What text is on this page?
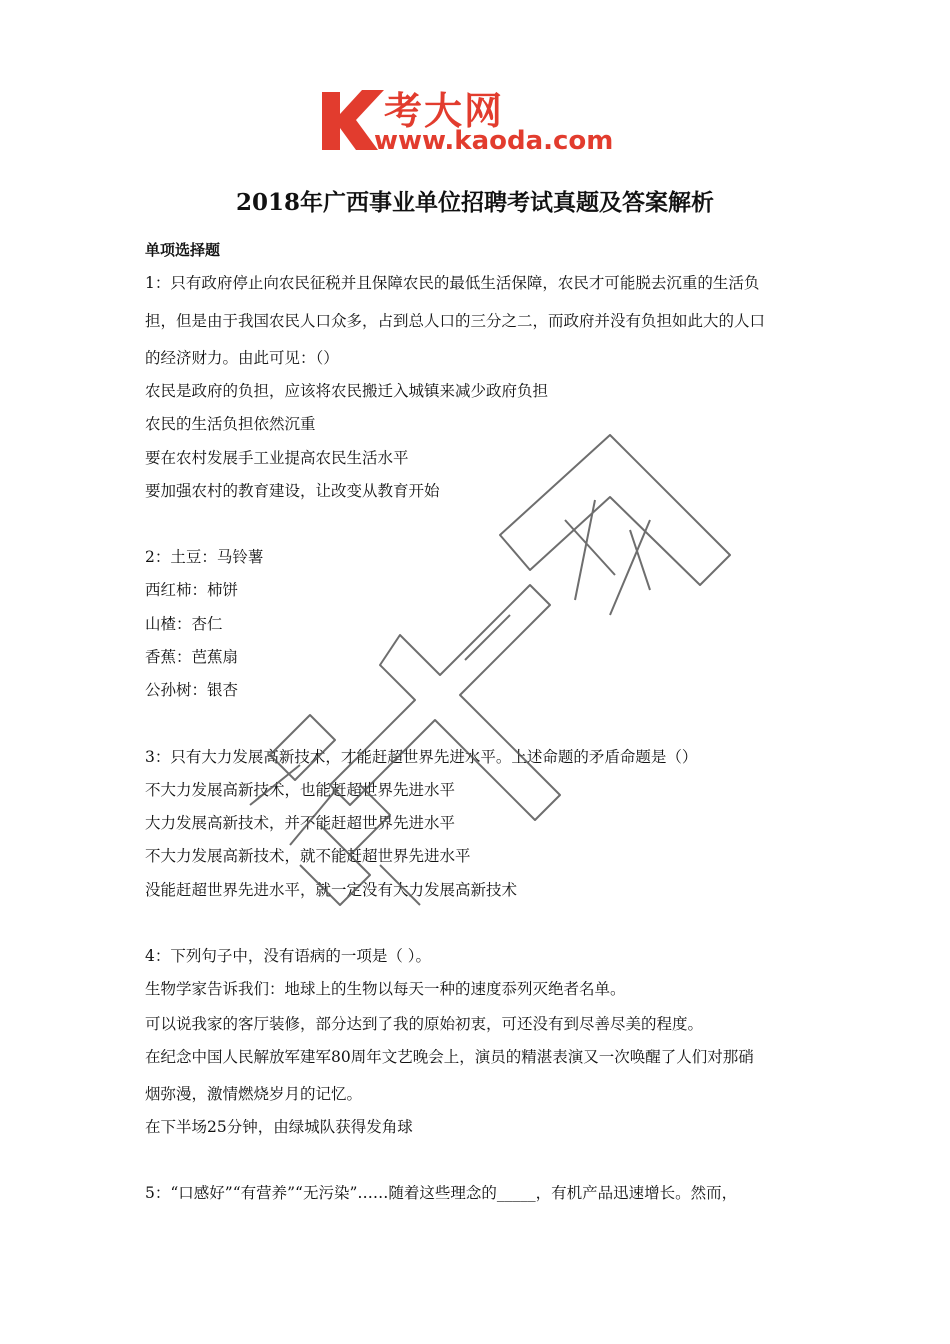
考大网
www.kaoda.com
2018年广西事业单位招聘考试真题及答案解析
单项选择题
1：只有政府停止向农民征税并且保障农民的最低生活保障，农民才可能脱去沉重的生活负
担，但是由于我国农民人口众多，占到总人口的三分之二，而政府并没有负担如此大的人口
的经济财力。由此可见：（）
农民是政府的负担，应该将农民搬迁入城镇来减少政府负担
农民的生活负担依然沉重
要在农村发展手工业提高农民生活水平
要加强农村的教育建设，让改变从教育开始
2：土豆：马铃薯
西红柿：柿饼
山楂：杏仁
香蕉：芭蕉扇
公孙树：银杏
3：只有大力发展高新技术，才能赶超世界先进水平。上述命题的矛盾命题是（）
不大力发展高新技术，也能赶超世界先进水平
大力发展高新技术，并不能赶超世界先进水平
不大力发展高新技术，就不能赶超世界先进水平
没能赶超世界先进水平，就一定没有大力发展高新技术
4：下列句子中，没有语病的一项是（ ）。
生物学家告诉我们：地球上的生物以每天一种的速度忝列灭绝者名单。
可以说我家的客厅装修，部分达到了我的原始初衷，可还没有到尽善尽美的程度。
在纪念中国人民解放军建军80周年文艺晚会上，演员的精湛表演又一次唤醒了人们对那硝
烟弥漫，激情燃烧岁月的记忆。
在下半场25分钟，由绿城队获得发角球
5：“口感好”“有营养”“无污染”……随着这些理念的_____，有机产品迅速增长。然而，
